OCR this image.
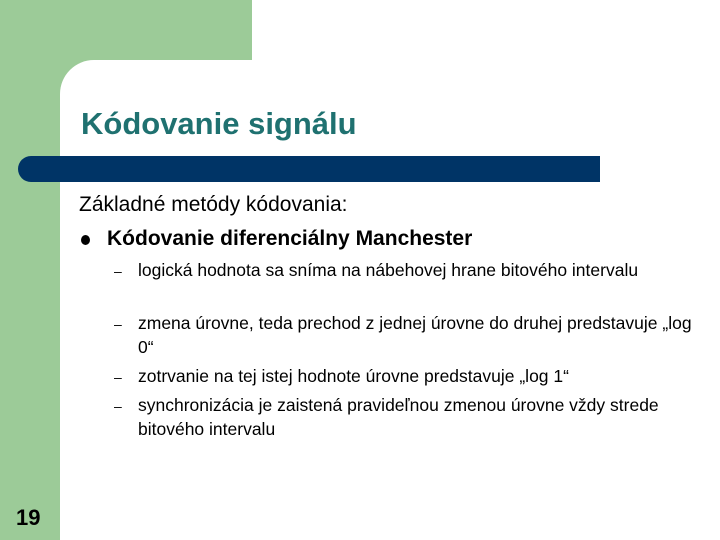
Kódovanie signálu
Základné metódy kódovania:
Kódovanie diferenciálny Manchester
– logická hodnota sa sníma na nábehovej hrane bitového intervalu
– zmena úrovne, teda prechod z jednej úrovne do druhej predstavuje „log 0“
– zotrvanie na tej istej hodnote úrovne predstavuje „log 1“
– synchronizácia je zaistená pravideľnou zmenou úrovne vždy strede bitového intervalu
19
